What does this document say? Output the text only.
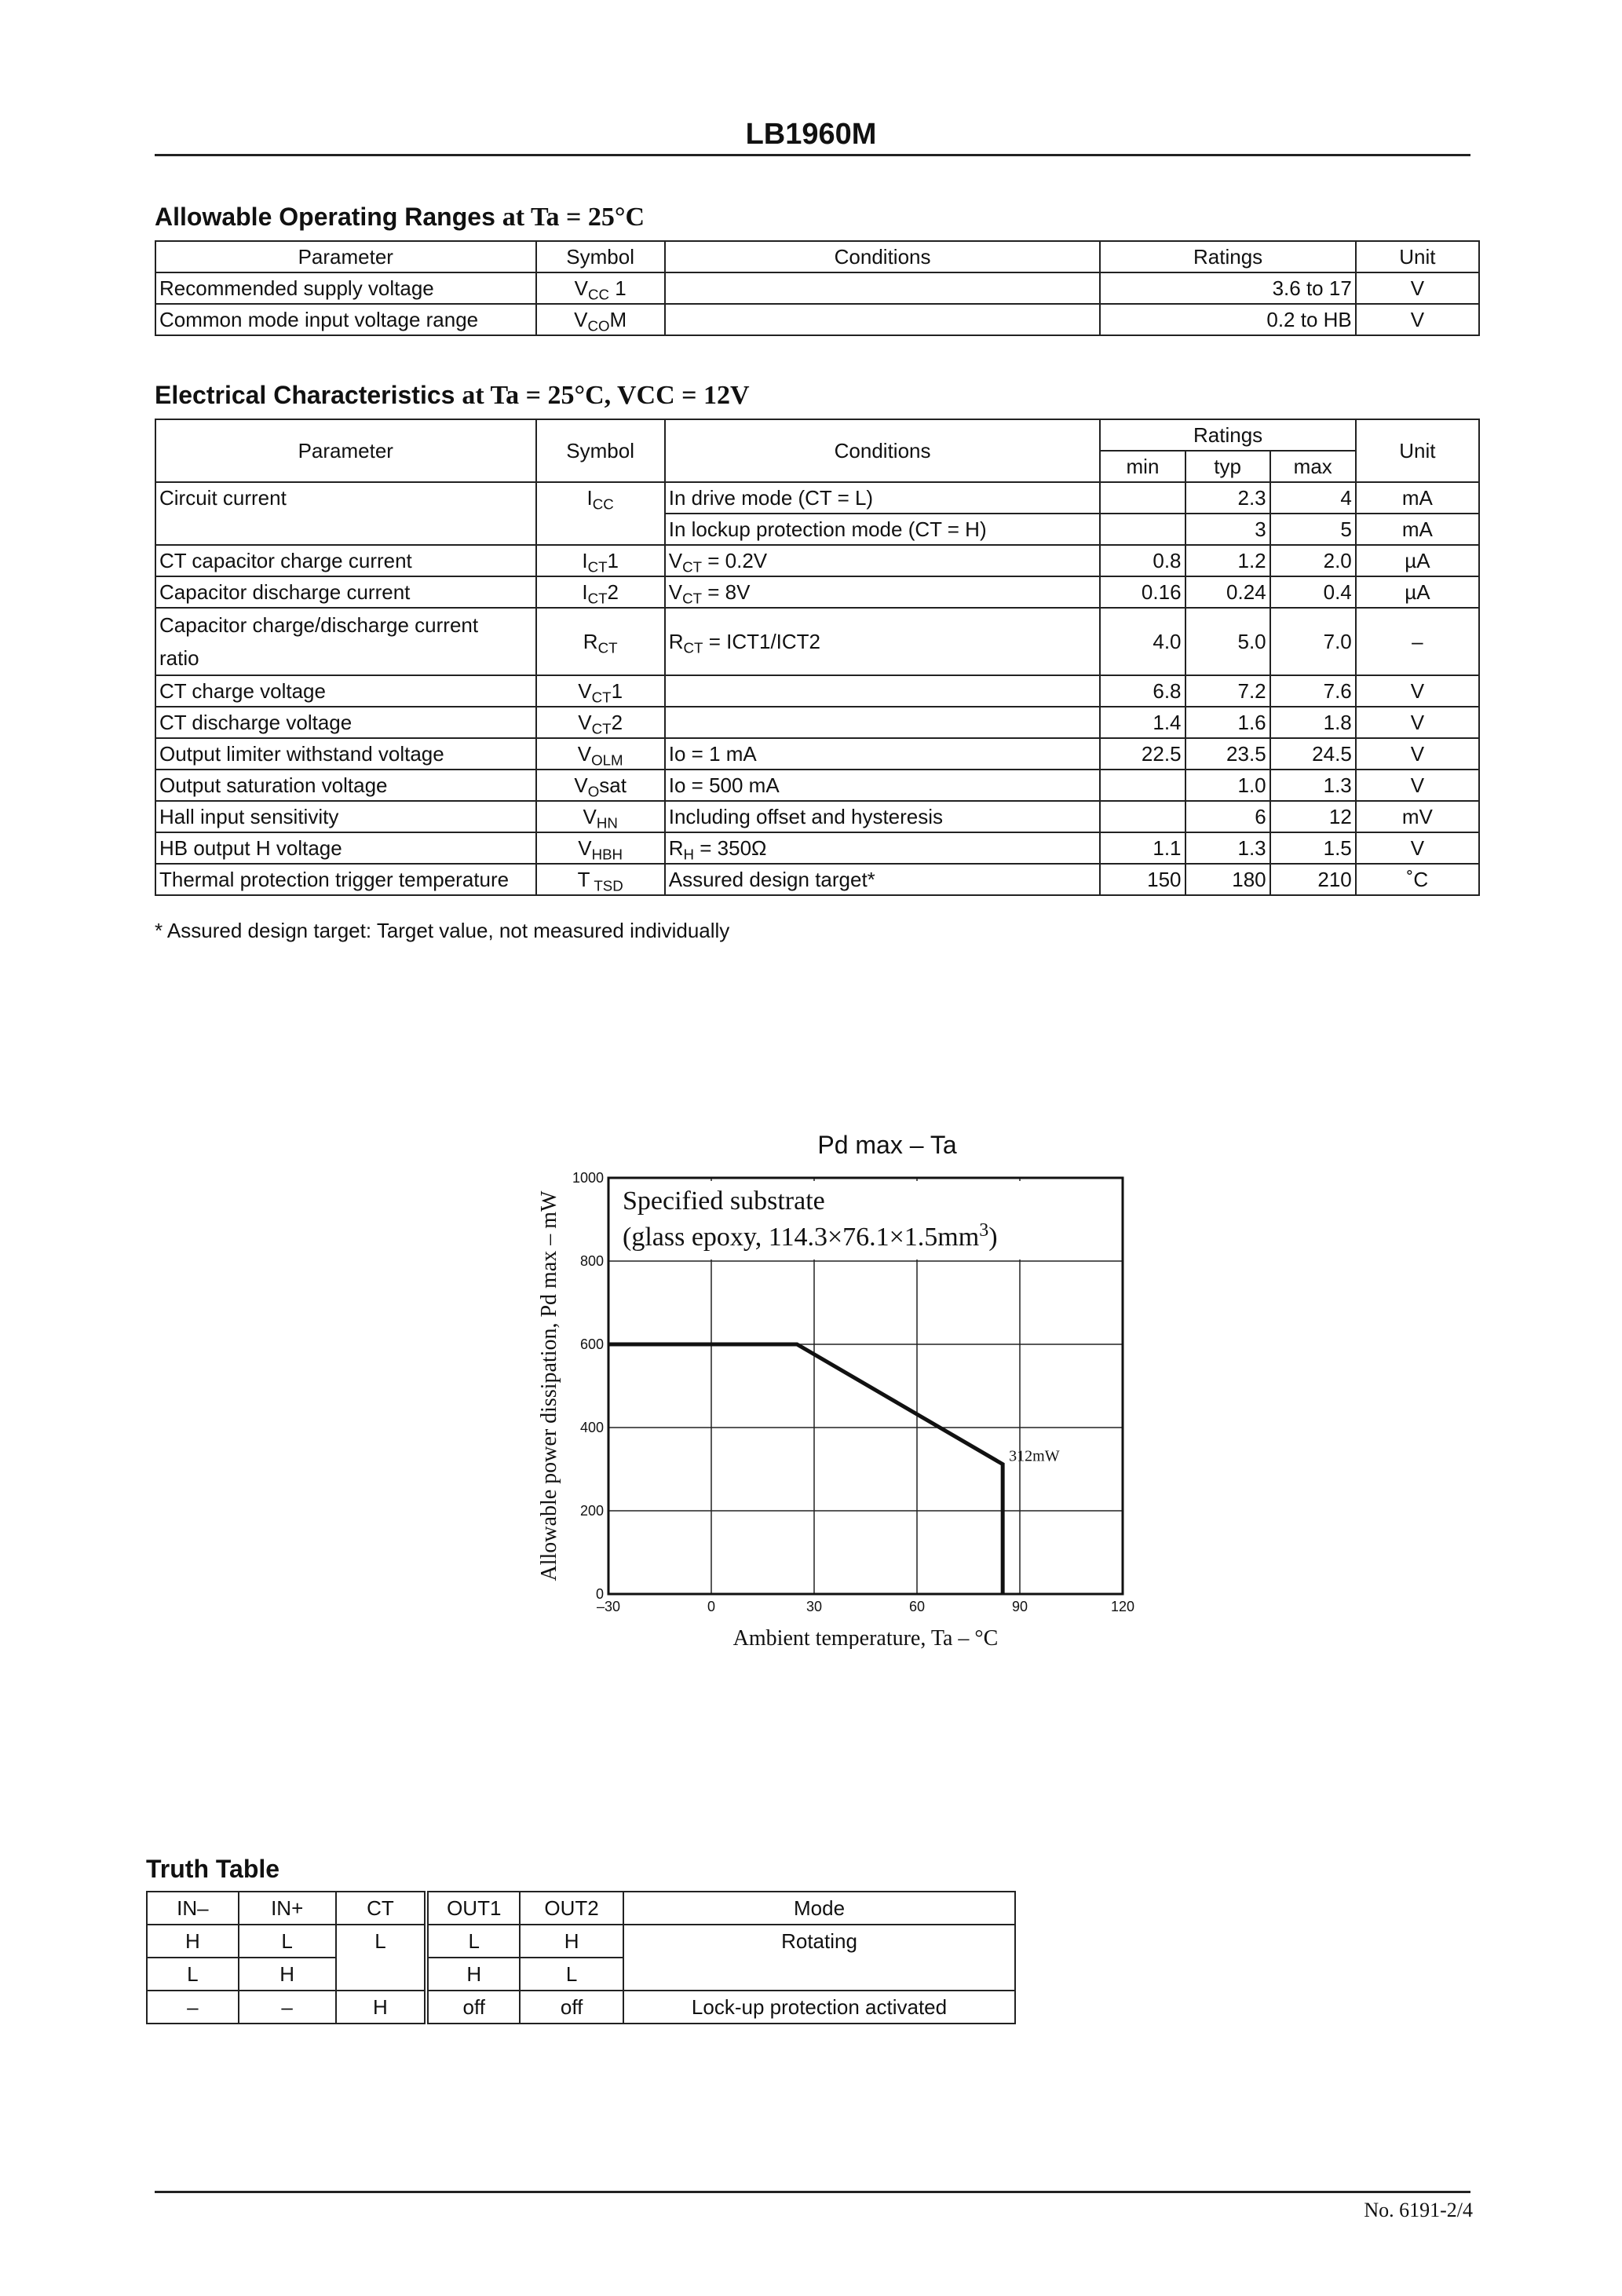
LB1960M
Allowable Operating Ranges at Ta = 25°C
Parameter	Symbol	Conditions	Ratings	Unit
Recommended supply voltage	$V_{CC}$ 1		3.6 to 17	V
Common mode input voltage range	$V_{CO}M$		0.2 to HB	V
Electrical Characteristics at Ta = 25°C, VCC = 12V
Parameter	Symbol	Conditions	Ratings			Unit
			min	typ	max	
Circuit current	$I_{CC}$	In drive mode (CT = L)		2.3	4	mA
		In lockup protection mode (CT = H)		3	5	mA
CT capacitor charge current	$I_{CT}1$	$V_{CT} = 0.2V$	0.8	1.2	2.0	µA
Capacitor discharge current	$I_{CT}2$	$V_{CT} = 8V$	0.16	0.24	0.4	µA
Capacitor charge/discharge current
ratio	$R_{CT}$	$R_{CT} = ICT1/ICT2$	4.0	5.0	7.0	–
CT charge voltage	$V_{CT}1$		6.8	7.2	7.6	V
CT discharge voltage	$V_{CT}2$		1.4	1.6	1.8	V
Output limiter withstand voltage	$V_{OLM}$	Io = 1 mA	22.5	23.5	24.5	V
Output saturation voltage	$V_Osat$	Io = 500 mA		1.0	1.3	V
Hall input sensitivity	$V_{HN}$	Including offset and hysteresis		6	12	mV
HB output H voltage	$V_{HBH}$	$R_H = 350\Omega$	1.1	1.3	1.5	V
Thermal protection trigger temperature	T $_{TSD}$	Assured design target*	150	180	210	˚C
* Assured design target: Target value, not measured individually
Pd max – Ta
–30	0	30	60	90	120
0
200
400
600
800
1000
Ambient temperature, Ta – °C
Allowable power dissipation, Pd max – mW Specified substrate
(glass epoxy, $114.3\times 76.1\times 1.5mm^3$)
312mW
Truth Table
IN–	IN+	CT	OUT1	OUT2	Mode
H	L	L	L	H	Rotating
L	H		H	L	
–	–	H	off	off	Lock-up protection activated
No. 6191-2/4
